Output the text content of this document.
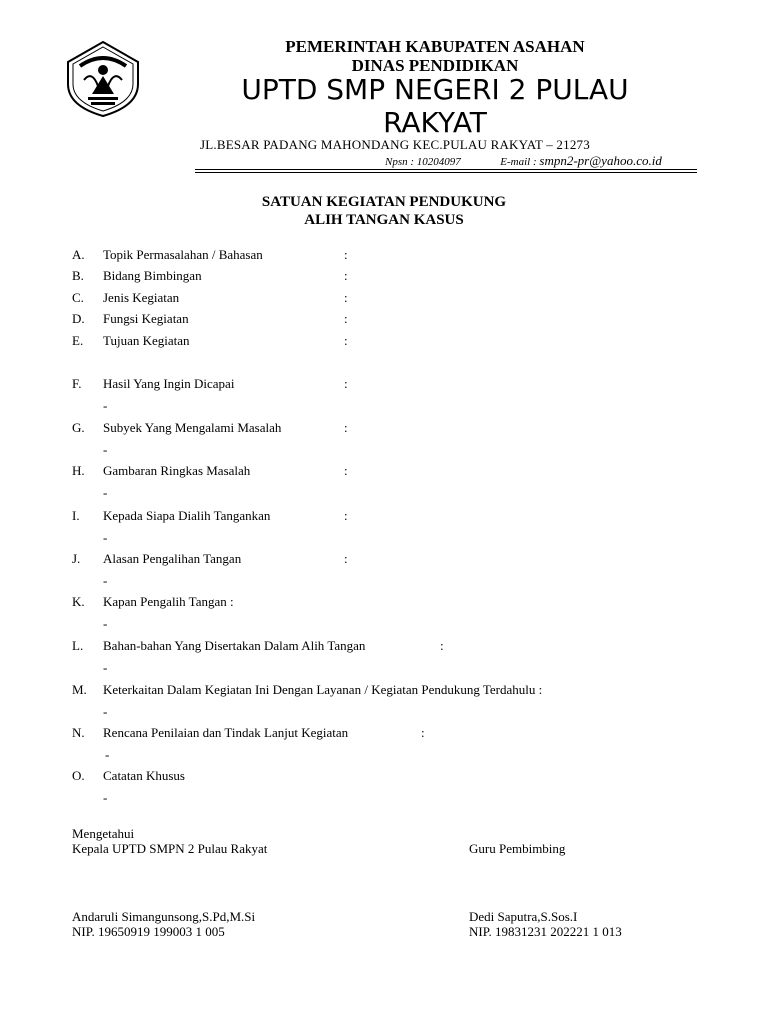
PEMERINTAH KABUPATEN ASAHAN
DINAS PENDIDIKAN
UPTD SMP NEGERI 2 PULAU
RAKYAT
JL.BESAR PADANG MAHONDANG KEC.PULAU RAKYAT – 21273
Npsn : 10204097	E-mail : smpn2-pr@yahoo.co.id
SATUAN KEGIATAN PENDUKUNG
ALIH TANGAN KASUS
A.	Topik Permasalahan / Bahasan	:
B.	Bidang Bimbingan	:
C.	Jenis Kegiatan	:
D.	Fungsi Kegiatan	:
E.	Tujuan Kegiatan	:
F.	Hasil Yang Ingin Dicapai	:
-
G.	Subyek Yang Mengalami Masalah	:
-
H.	Gambaran Ringkas Masalah	:
-
I.	Kepada Siapa Dialih Tangankan	:
-
J.	Alasan Pengalihan Tangan	:
-
K.	Kapan Pengalih Tangan :
-
L.	Bahan-bahan Yang Disertakan Dalam Alih Tangan	:
-
M.	Keterkaitan Dalam Kegiatan Ini Dengan Layanan / Kegiatan Pendukung Terdahulu :
-
N.	Rencana Penilaian dan Tindak Lanjut Kegiatan	:
-
O.	Catatan Khusus
-
Mengetahui
Kepala UPTD SMPN 2 Pulau Rakyat	Guru Pembimbing
Andaruli Simangunsong,S.Pd,M.Si
NIP. 19650919 199003 1 005
Dedi Saputra,S.Sos.I
NIP. 19831231 202221 1 013
